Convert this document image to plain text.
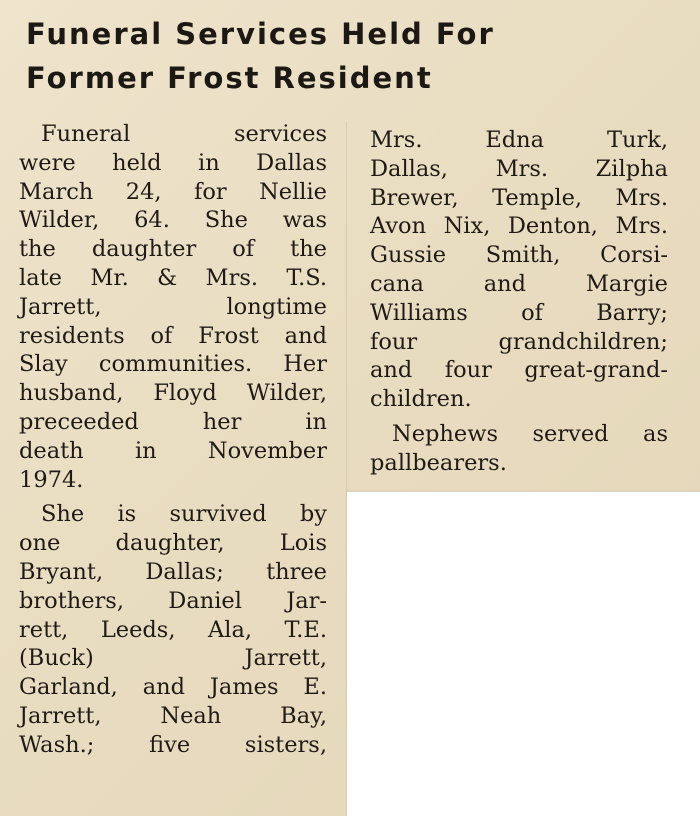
Funeral Services Held For
Former Frost Resident
Funeral services
were held in Dallas
March 24, for Nellie
Wilder, 64. She was
the daughter of the
late Mr. & Mrs. T.S.
Jarrett, longtime
residents of Frost and
Slay communities. Her
husband, Floyd Wilder,
preceeded her in
death in November
1974.
She is survived by
one daughter, Lois
Bryant, Dallas; three
brothers, Daniel Jar-
rett, Leeds, Ala, T.E.
(Buck) Jarrett,
Garland, and James E.
Jarrett, Neah Bay,
Wash.; five sisters,
Mrs. Edna Turk,
Dallas, Mrs. Zilpha
Brewer, Temple, Mrs.
Avon Nix, Denton, Mrs.
Gussie Smith, Corsi-
cana and Margie
Williams of Barry;
four grandchildren;
and four great-grand-
children.
Nephews served as
pallbearers.
